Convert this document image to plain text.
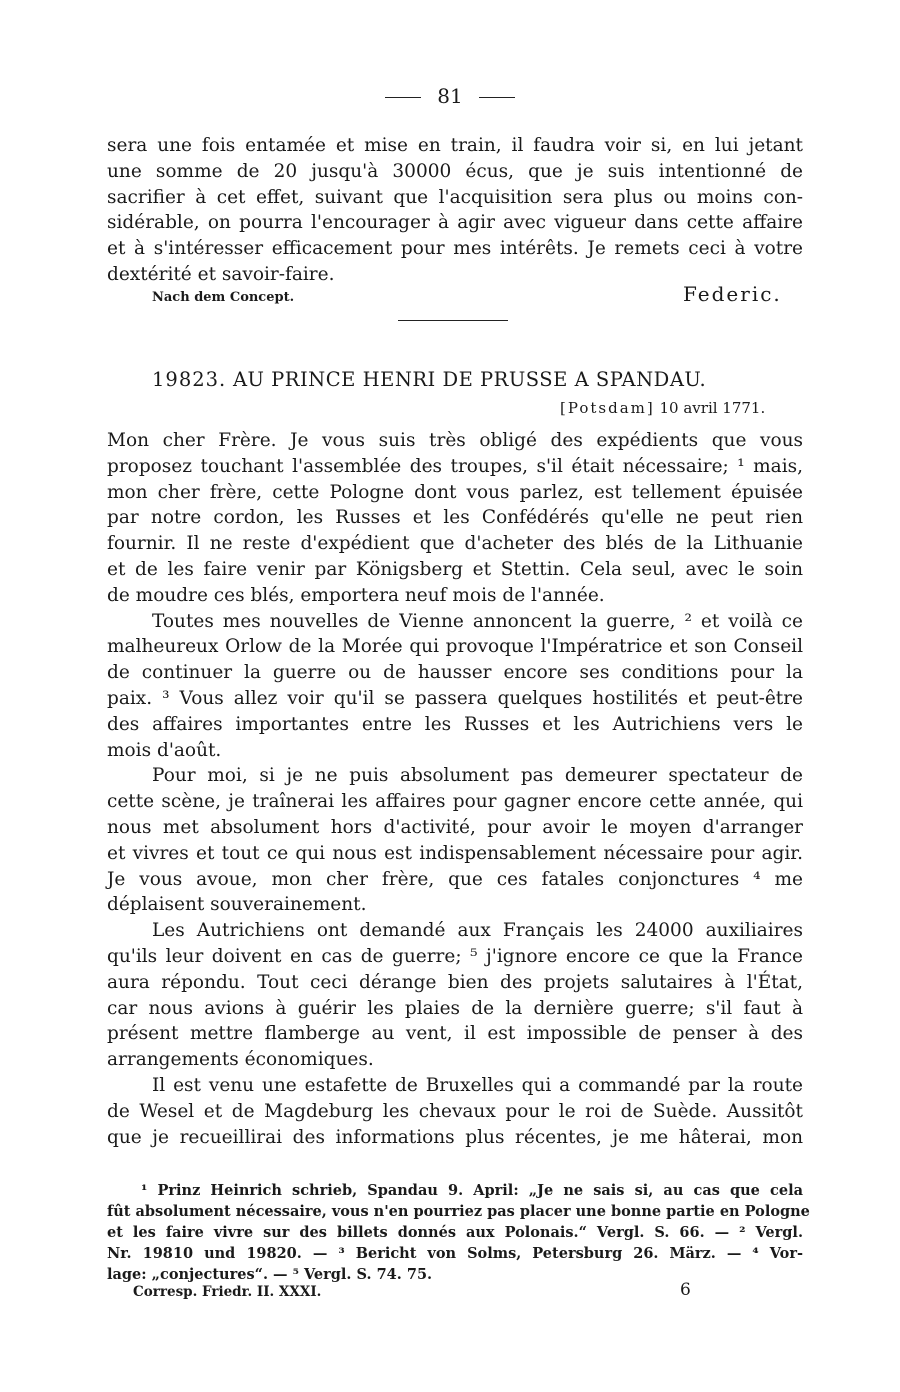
81
sera une fois entamée et mise en train, il faudra voir si, en lui jetant
une somme de 20 jusqu'à 30000 écus, que je suis intentionné de
sacrifier à cet effet, suivant que l'acquisition sera plus ou moins con-
sidérable, on pourra l'encourager à agir avec vigueur dans cette affaire
et à s'intéresser efficacement pour mes intérêts. Je remets ceci à votre
dextérité et savoir-faire.
Nach dem Concept.	Federic.
19823. AU PRINCE HENRI DE PRUSSE A SPANDAU.
[Potsdam] 10 avril 1771.
Mon cher Frère. Je vous suis très obligé des expédients que vous
proposez touchant l'assemblée des troupes, s'il était nécessaire; ¹ mais,
mon cher frère, cette Pologne dont vous parlez, est tellement épuisée
par notre cordon, les Russes et les Confédérés qu'elle ne peut rien
fournir. Il ne reste d'expédient que d'acheter des blés de la Lithuanie
et de les faire venir par Königsberg et Stettin. Cela seul, avec le soin
de moudre ces blés, emportera neuf mois de l'année.
Toutes mes nouvelles de Vienne annoncent la guerre, ² et voilà ce
malheureux Orlow de la Morée qui provoque l'Impératrice et son Conseil
de continuer la guerre ou de hausser encore ses conditions pour la
paix. ³ Vous allez voir qu'il se passera quelques hostilités et peut-être
des affaires importantes entre les Russes et les Autrichiens vers le
mois d'août.
Pour moi, si je ne puis absolument pas demeurer spectateur de
cette scène, je traînerai les affaires pour gagner encore cette année, qui
nous met absolument hors d'activité, pour avoir le moyen d'arranger
et vivres et tout ce qui nous est indispensablement nécessaire pour agir.
Je vous avoue, mon cher frère, que ces fatales conjonctures ⁴ me
déplaisent souverainement.
Les Autrichiens ont demandé aux Français les 24000 auxiliaires
qu'ils leur doivent en cas de guerre; ⁵ j'ignore encore ce que la France
aura répondu. Tout ceci dérange bien des projets salutaires à l'État,
car nous avions à guérir les plaies de la dernière guerre; s'il faut à
présent mettre flamberge au vent, il est impossible de penser à des
arrangements économiques.
Il est venu une estafette de Bruxelles qui a commandé par la route
de Wesel et de Magdeburg les chevaux pour le roi de Suède. Aussitôt
que je recueillirai des informations plus récentes, je me hâterai, mon
¹ Prinz Heinrich schrieb, Spandau 9. April: „Je ne sais si, au cas que cela
fût absolument nécessaire, vous n'en pourriez pas placer une bonne partie en Pologne
et les faire vivre sur des billets donnés aux Polonais.“ Vergl. S. 66. — ² Vergl.
Nr. 19810 und 19820. — ³ Bericht von Solms, Petersburg 26. März. — ⁴ Vor-
lage: „conjectures“. — ⁵ Vergl. S. 74. 75.
Corresp. Friedr. II. XXXI.	6
